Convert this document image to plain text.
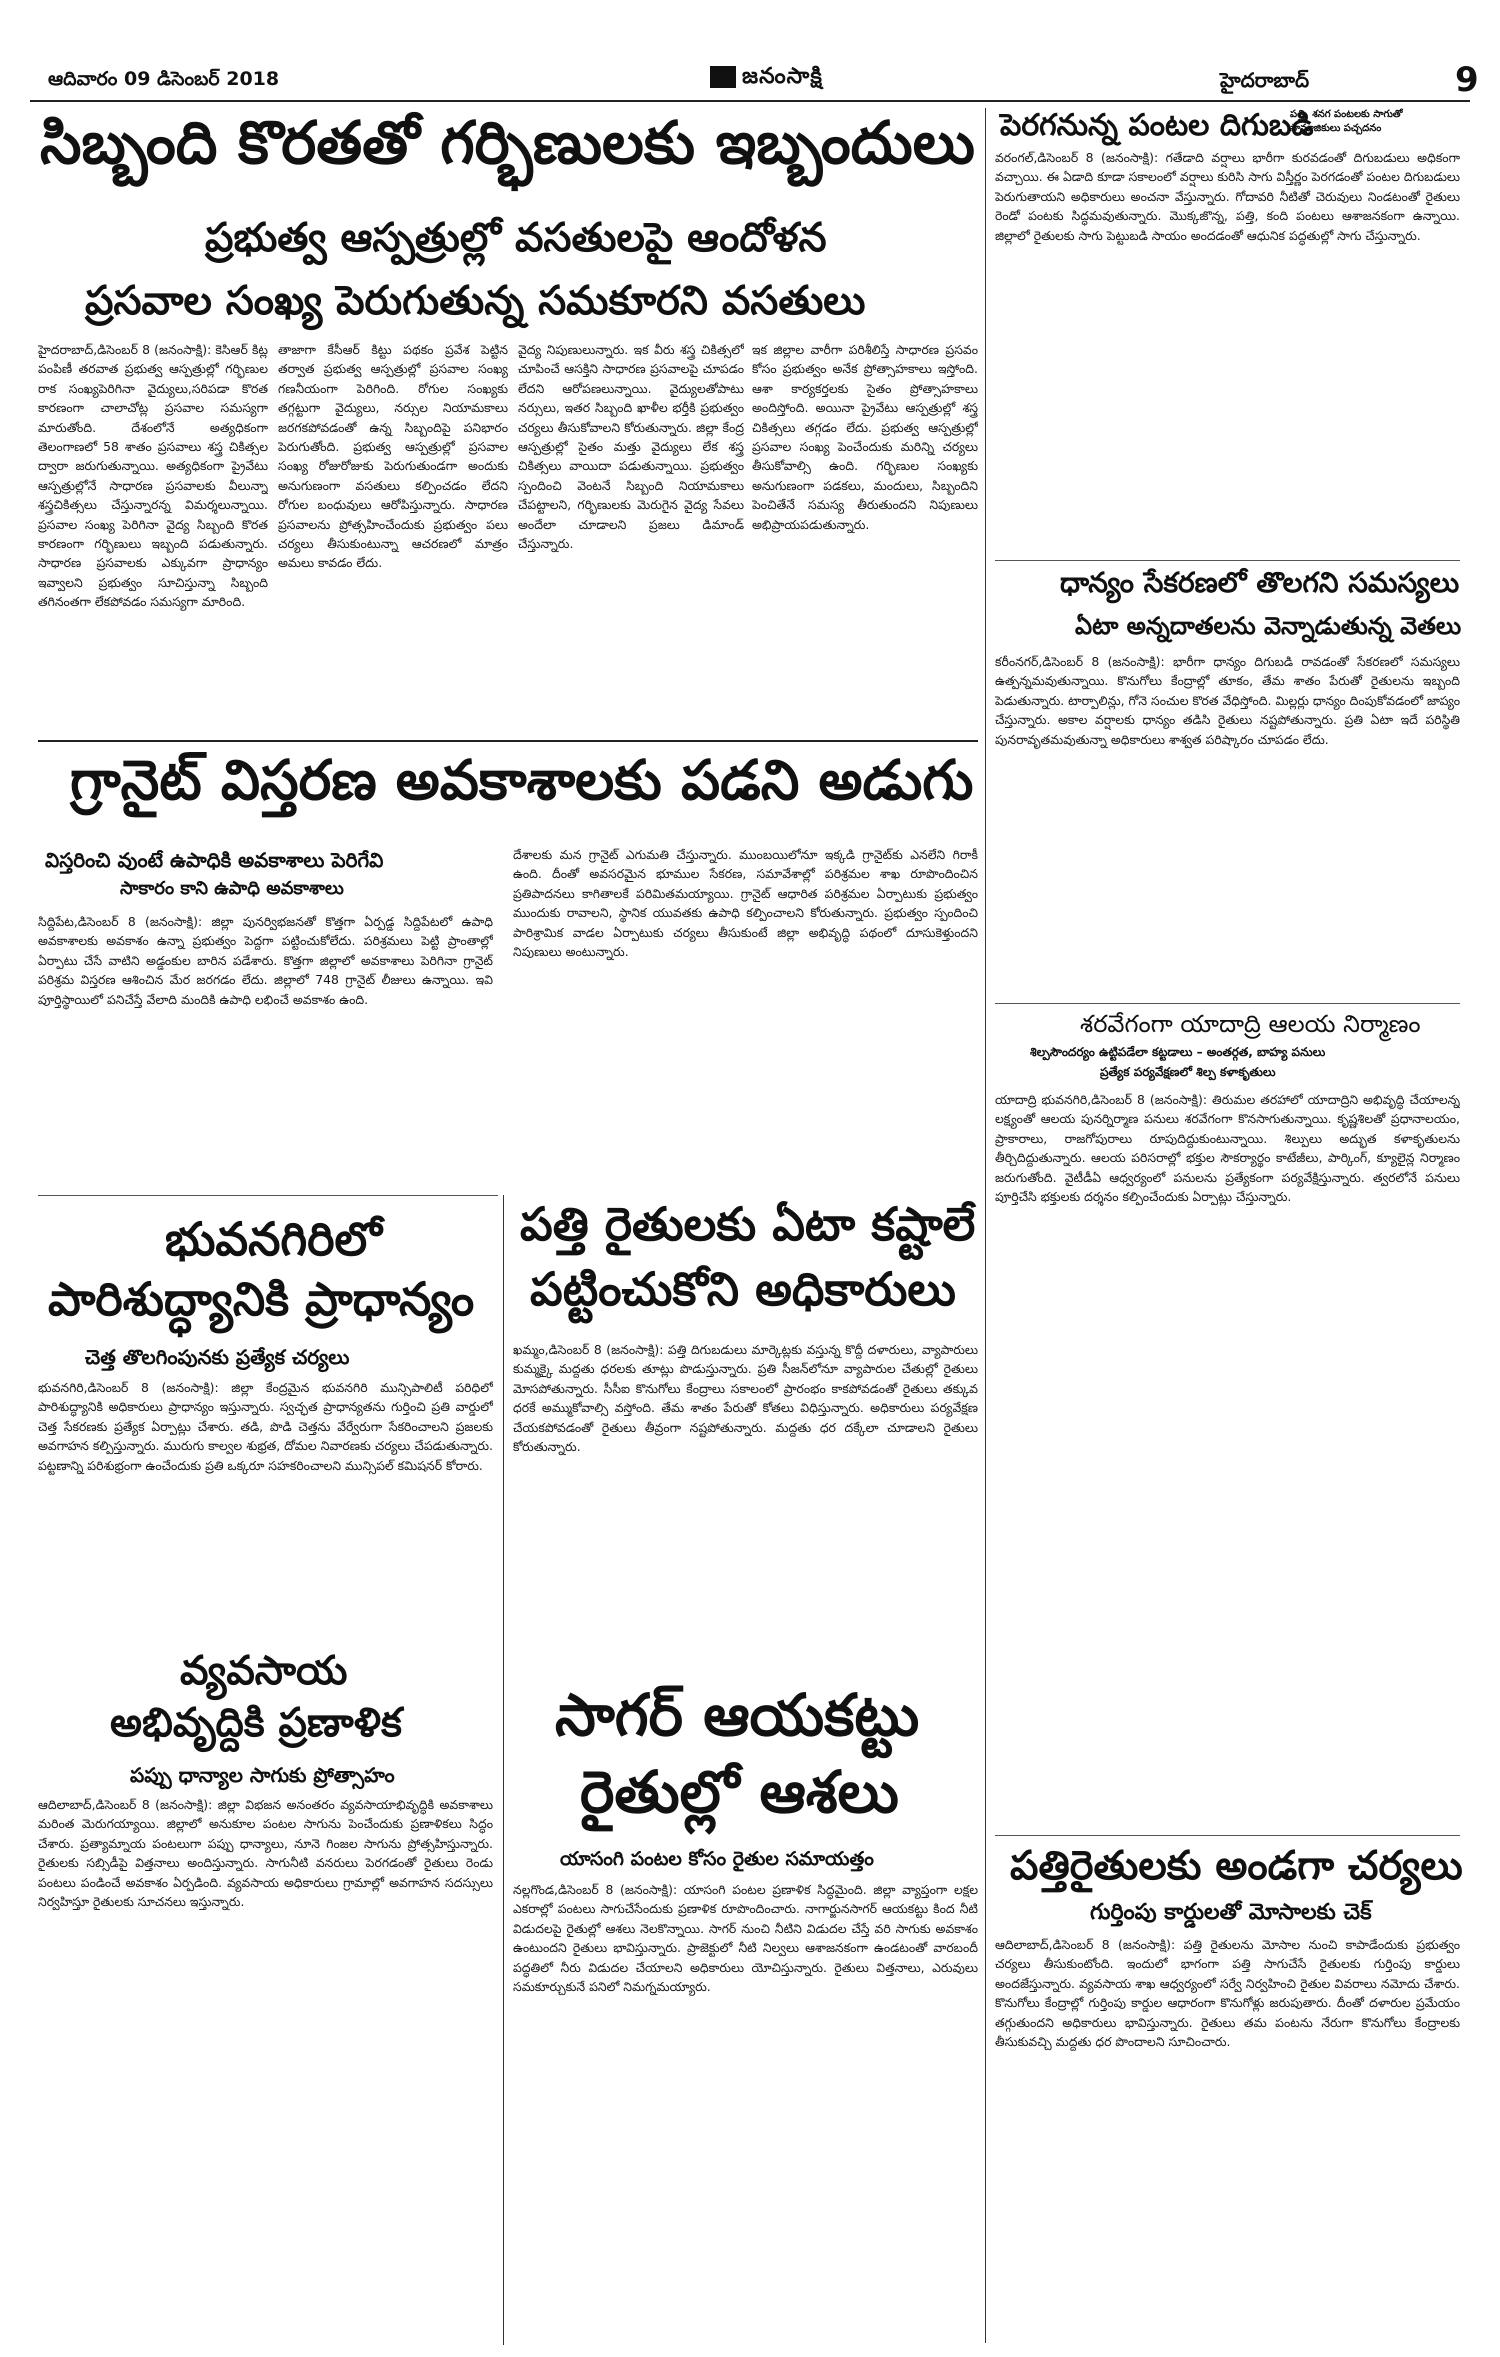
ఆదివారం 09 డిసెంబర్ 2018	జనంసాక్షి	హైదరాబాద్	9
సిబ్బంది కొరతతో గర్భిణులకు ఇబ్బందులు
ప్రభుత్వ ఆస్పత్రుల్లో వసతులపై ఆందోళన
ప్రసవాల సంఖ్య పెరుగుతున్న సమకూరని వసతులు

హైదరాబాద్‌,డిసెంబర్‌ 8 (జనంసాక్షి): కెసిఆర్‌ కిట్ల పంపిణీ తరవాత ప్రభుత్వ ఆస్పత్రుల్లో గర్భిణుల రాక సంఖ్యపెరిగినా వైద్యులు,సరిపడా కొరత కారణంగా చాలాచోట్ల ప్రసవాల సమస్యగా మారుతోంది. దేశంలోనే అత్యధికంగా తెలంగాణలో 58 శాతం ప్రసవాలు శస్త్ర చికిత్సల ద్వారా జరుగుతున్నాయి. అత్యధికంగా ప్రైవేటు ఆస్పత్రుల్లోనే సాధారణ ప్రసవాలకు వీలున్నా శస్త్రచికిత్సలు చేస్తున్నారన్న విమర్శలున్నాయి. ప్రసవాల సంఖ్య పెరిగినా వైద్య సిబ్బంది కొరత కారణంగా గర్భిణులు ఇబ్బంది పడుతున్నారు. సాధారణ ప్రసవాలకు ఎక్కువగా ప్రాధాన్యం ఇవ్వాలని ప్రభుత్వం సూచిస్తున్నా సిబ్బంది తగినంతగా లేకపోవడం సమస్యగా మారింది.

తాజాగా కేసీఆర్‌ కిట్టు పథకం ప్రవేశ పెట్టిన తర్వాత ప్రభుత్వ ఆస్పత్రుల్లో ప్రసవాల సంఖ్య గణనీయంగా పెరిగింది. రోగుల సంఖ్యకు తగ్గట్టుగా వైద్యులు, నర్సుల నియామకాలు జరగకపోవడంతో ఉన్న సిబ్బందిపై పనిభారం పెరుగుతోంది. ప్రభుత్వ ఆస్పత్రుల్లో ప్రసవాల సంఖ్య రోజురోజుకు పెరుగుతుండగా అందుకు అనుగుణంగా వసతులు కల్పించడం లేదని రోగుల బంధువులు ఆరోపిస్తున్నారు. సాధారణ ప్రసవాలను ప్రోత్సహించేందుకు ప్రభుత్వం పలు చర్యలు తీసుకుంటున్నా ఆచరణలో మాత్రం అమలు కావడం లేదు.

వైద్య నిపుణులున్నారు. ఇక వీరు శస్త్ర చికిత్సలో చూపించే ఆసక్తిని సాధారణ ప్రసవాలపై చూపడం లేదని ఆరోపణలున్నాయి. వైద్యులతోపాటు నర్సులు, ఇతర సిబ్బంది ఖాళీల భర్తీకి ప్రభుత్వం చర్యలు తీసుకోవాలని కోరుతున్నారు. జిల్లా కేంద్ర ఆస్పత్రుల్లో సైతం మత్తు వైద్యులు లేక శస్త్ర చికిత్సలు వాయిదా పడుతున్నాయి. ప్రభుత్వం స్పందించి వెంటనే సిబ్బంది నియామకాలు చేపట్టాలని, గర్భిణులకు మెరుగైన వైద్య సేవలు అందేలా చూడాలని ప్రజలు డిమాండ్‌ చేస్తున్నారు.

ఇక జిల్లాల వారీగా పరిశీలిస్తే సాధారణ ప్రసవం కోసం ప్రభుత్వం అనేక ప్రోత్సాహకాలు ఇస్తోంది. ఆశా కార్యకర్తలకు సైతం ప్రోత్సాహకాలు అందిస్తోంది. అయినా ప్రైవేటు ఆస్పత్రుల్లో శస్త్ర చికిత్సలు తగ్గడం లేదు. ప్రభుత్వ ఆస్పత్రుల్లో ప్రసవాల సంఖ్య పెంచేందుకు మరిన్ని చర్యలు తీసుకోవాల్సి ఉంది. గర్భిణుల సంఖ్యకు అనుగుణంగా పడకలు, మందులు, సిబ్బందిని పెంచితేనే సమస్య తీరుతుందని నిపుణులు అభిప్రాయపడుతున్నారు.

గ్రానైట్‌ విస్తరణ అవకాశాలకు పడని అడుగు
విస్తరించి వుంటే ఉపాధికి అవకాశాలు పెరిగేవి
సాకారం కాని ఉపాధి అవకాశాలు

సిద్దిపేట,డిసెంబర్‌ 8 (జనంసాక్షి): జిల్లా పునర్విభజనతో కొత్తగా ఏర్పడ్డ సిద్దిపేటలో ఉపాధి అవకాశాలకు అవకాశం ఉన్నా ప్రభుత్వం పెద్దగా పట్టించుకోలేదు. పరిశ్రమలు పెట్టి ప్రాంతాల్లో ఏర్పాటు చేసే వాటిని అడ్డంకుల బారిన పడేశారు. కొత్తగా జిల్లాలో అవకాశాలు పెరిగినా గ్రానైట్‌ పరిశ్రమ విస్తరణ ఆశించిన మేర జరగడం లేదు. జిల్లాలో 748 గ్రానైట్‌ లీజులు ఉన్నాయి. ఇవి పూర్తిస్థాయిలో పనిచేస్తే వేలాది మందికి ఉపాధి లభించే అవకాశం ఉంది.

దేశాలకు మన గ్రానైట్‌ ఎగుమతి చేస్తున్నారు. ముంబయిలోనూ ఇక్కడి గ్రానైట్‌కు ఎనలేని గిరాకీ ఉంది. దీంతో అవసరమైన భూముల సేకరణ, సమావేశాల్లో పరిశ్రమల శాఖ రూపొందించిన ప్రతిపాదనలు కాగితాలకే పరిమితమయ్యాయి. గ్రానైట్‌ ఆధారిత పరిశ్రమల ఏర్పాటుకు ప్రభుత్వం ముందుకు రావాలని, స్థానిక యువతకు ఉపాధి కల్పించాలని కోరుతున్నారు. ప్రభుత్వం స్పందించి పారిశ్రామిక వాడల ఏర్పాటుకు చర్యలు తీసుకుంటే జిల్లా అభివృద్ధి పథంలో దూసుకెళ్తుందని నిపుణులు అంటున్నారు.

భువనగిరిలో
పారిశుద్ధ్యానికి ప్రాధాన్యం
చెత్త తొలగింపునకు ప్రత్యేక చర్యలు

భువనగిరి,డిసెంబర్‌ 8 (జనంసాక్షి): జిల్లా కేంద్రమైన భువనగిరి మున్సిపాలిటీ పరిధిలో పారిశుద్ధ్యానికి అధికారులు ప్రాధాన్యం ఇస్తున్నారు. స్వచ్ఛత ప్రాధాన్యతను గుర్తించి ప్రతి వార్డులో చెత్త సేకరణకు ప్రత్యేక ఏర్పాట్లు చేశారు. తడి, పొడి చెత్తను వేర్వేరుగా సేకరించాలని ప్రజలకు అవగాహన కల్పిస్తున్నారు. మురుగు కాల్వల శుభ్రత, దోమల నివారణకు చర్యలు చేపడుతున్నారు. పట్టణాన్ని పరిశుభ్రంగా ఉంచేందుకు ప్రతి ఒక్కరూ సహకరించాలని మున్సిపల్‌ కమిషనర్‌ కోరారు.

వ్యవసాయ
అభివృద్దికి ప్రణాళిక
పప్పు ధాన్యాల సాగుకు ప్రోత్సాహం

ఆదిలాబాద్‌,డిసెంబర్‌ 8 (జనంసాక్షి): జిల్లా విభజన అనంతరం వ్యవసాయాభివృద్ధికి అవకాశాలు మరింత మెరుగయ్యాయి. జిల్లాలో అనుకూల పంటల సాగును పెంచేందుకు ప్రణాళికలు సిద్ధం చేశారు. ప్రత్యామ్నాయ పంటలుగా పప్పు ధాన్యాలు, నూనె గింజల సాగును ప్రోత్సహిస్తున్నారు. రైతులకు సబ్సిడీపై విత్తనాలు అందిస్తున్నారు. సాగునీటి వనరులు పెరగడంతో రైతులు రెండు పంటలు పండించే అవకాశం ఏర్పడింది. వ్యవసాయ అధికారులు గ్రామాల్లో అవగాహన సదస్సులు నిర్వహిస్తూ రైతులకు సూచనలు ఇస్తున్నారు.

పత్తి రైతులకు ఏటా కష్టాలే
పట్టించుకోని అధికారులు

ఖమ్మం,డిసెంబర్‌ 8 (జనంసాక్షి): పత్తి దిగుబడులు మార్కెట్లకు వస్తున్న కొద్దీ దళారులు, వ్యాపారులు కుమ్మక్కై మద్దతు ధరలకు తూట్లు పొడుస్తున్నారు. ప్రతి సీజన్‌లోనూ వ్యాపారుల చేతుల్లో రైతులు మోసపోతున్నారు. సీసీఐ కొనుగోలు కేంద్రాలు సకాలంలో ప్రారంభం కాకపోవడంతో రైతులు తక్కువ ధరకే అమ్ముకోవాల్సి వస్తోంది. తేమ శాతం పేరుతో కోతలు విధిస్తున్నారు. అధికారులు పర్యవేక్షణ చేయకపోవడంతో రైతులు తీవ్రంగా నష్టపోతున్నారు. మద్దతు ధర దక్కేలా చూడాలని రైతులు కోరుతున్నారు.

సాగర్‌ ఆయకట్టు
రైతుల్లో ఆశలు
యాసంగి పంటల కోసం రైతుల సమాయత్తం

నల్లగొండ,డిసెంబర్‌ 8 (జనంసాక్షి): యాసంగి పంటల ప్రణాళిక సిద్ధమైంది. జిల్లా వ్యాప్తంగా లక్షల ఎకరాల్లో పంటలు సాగుచేసేందుకు ప్రణాళిక రూపొందించారు. నాగార్జునసాగర్‌ ఆయకట్టు కింద నీటి విడుదలపై రైతుల్లో ఆశలు నెలకొన్నాయి. సాగర్‌ నుంచి నీటిని విడుదల చేస్తే వరి సాగుకు అవకాశం ఉంటుందని రైతులు భావిస్తున్నారు. ప్రాజెక్టులో నీటి నిల్వలు ఆశాజనకంగా ఉండటంతో వారబందీ పద్ధతిలో నీరు విడుదల చేయాలని అధికారులు యోచిస్తున్నారు. రైతులు విత్తనాలు, ఎరువులు సమకూర్చుకునే పనిలో నిమగ్నమయ్యారు.

పెరగనున్న పంటల దిగుబడి
పత్తి, శనగ పంటలకు సాగుతో సామాజికులు పచ్చదనం

వరంగల్‌,డిసెంబర్‌ 8 (జనంసాక్షి): గతేడాది వర్షాలు భారీగా కురవడంతో దిగుబడులు అధికంగా వచ్చాయి. ఈ ఏడాది కూడా సకాలంలో వర్షాలు కురిసి సాగు విస్తీర్ణం పెరగడంతో పంటల దిగుబడులు పెరుగుతాయని అధికారులు అంచనా వేస్తున్నారు. గోదావరి నీటితో చెరువులు నిండటంతో రైతులు రెండో పంటకు సిద్ధమవుతున్నారు. మొక్కజొన్న, పత్తి, కంది పంటలు ఆశాజనకంగా ఉన్నాయి. జిల్లాలో రైతులకు సాగు పెట్టుబడి సాయం అందడంతో ఆధునిక పద్ధతుల్లో సాగు చేస్తున్నారు.

ధాన్యం సేకరణలో తొలగని సమస్యలు
ఏటా అన్నదాతలను వెన్నాడుతున్న వెతలు

కరీంనగర్‌,డిసెంబర్‌ 8 (జనంసాక్షి): భారీగా ధాన్యం దిగుబడి రావడంతో సేకరణలో సమస్యలు ఉత్పన్నమవుతున్నాయి. కొనుగోలు కేంద్రాల్లో తూకం, తేమ శాతం పేరుతో రైతులను ఇబ్బంది పెడుతున్నారు. టార్పాలిన్లు, గోనె సంచుల కొరత వేధిస్తోంది. మిల్లర్లు ధాన్యం దింపుకోవడంలో జాప్యం చేస్తున్నారు. అకాల వర్షాలకు ధాన్యం తడిసి రైతులు నష్టపోతున్నారు. ప్రతి ఏటా ఇదే పరిస్థితి పునరావృతమవుతున్నా అధికారులు శాశ్వత పరిష్కారం చూపడం లేదు.

శరవేగంగా యాదాద్రి ఆలయ నిర్మాణం
శిల్పసౌందర్యం ఉట్టిపడేలా కట్టడాలు – అంతర్గత, బాహ్య పనులు
ప్రత్యేక పర్యవేక్షణలో శిల్ప కళాకృతులు

యాదాద్రి భువనగిరి,డిసెంబర్‌ 8 (జనంసాక్షి): తిరుమల తరహాలో యాదాద్రిని అభివృద్ధి చేయాలన్న లక్ష్యంతో ఆలయ పునర్నిర్మాణ పనులు శరవేగంగా కొనసాగుతున్నాయి. కృష్ణశిలతో ప్రధానాలయం, ప్రాకారాలు, రాజగోపురాలు రూపుదిద్దుకుంటున్నాయి. శిల్పులు అద్భుత కళాకృతులను తీర్చిదిద్దుతున్నారు. ఆలయ పరిసరాల్లో భక్తుల సౌకర్యార్థం కాటేజీలు, పార్కింగ్‌, క్యూలైన్ల నిర్మాణం జరుగుతోంది. వైటీడీఏ ఆధ్వర్యంలో పనులను ప్రత్యేకంగా పర్యవేక్షిస్తున్నారు. త్వరలోనే పనులు పూర్తిచేసి భక్తులకు దర్శనం కల్పించేందుకు ఏర్పాట్లు చేస్తున్నారు.

పత్తిరైతులకు అండగా చర్యలు
గుర్తింపు కార్డులతో మోసాలకు చెక్‌

ఆదిలాబాద్‌,డిసెంబర్‌ 8 (జనంసాక్షి): పత్తి రైతులను మోసాల నుంచి కాపాడేందుకు ప్రభుత్వం చర్యలు తీసుకుంటోంది. ఇందులో భాగంగా పత్తి సాగుచేసే రైతులకు గుర్తింపు కార్డులు అందజేస్తున్నారు. వ్యవసాయ శాఖ ఆధ్వర్యంలో సర్వే నిర్వహించి రైతుల వివరాలు నమోదు చేశారు. కొనుగోలు కేంద్రాల్లో గుర్తింపు కార్డుల ఆధారంగా కొనుగోళ్లు జరుపుతారు. దీంతో దళారుల ప్రమేయం తగ్గుతుందని అధికారులు భావిస్తున్నారు. రైతులు తమ పంటను నేరుగా కొనుగోలు కేంద్రాలకు తీసుకువచ్చి మద్దతు ధర పొందాలని సూచించారు.
